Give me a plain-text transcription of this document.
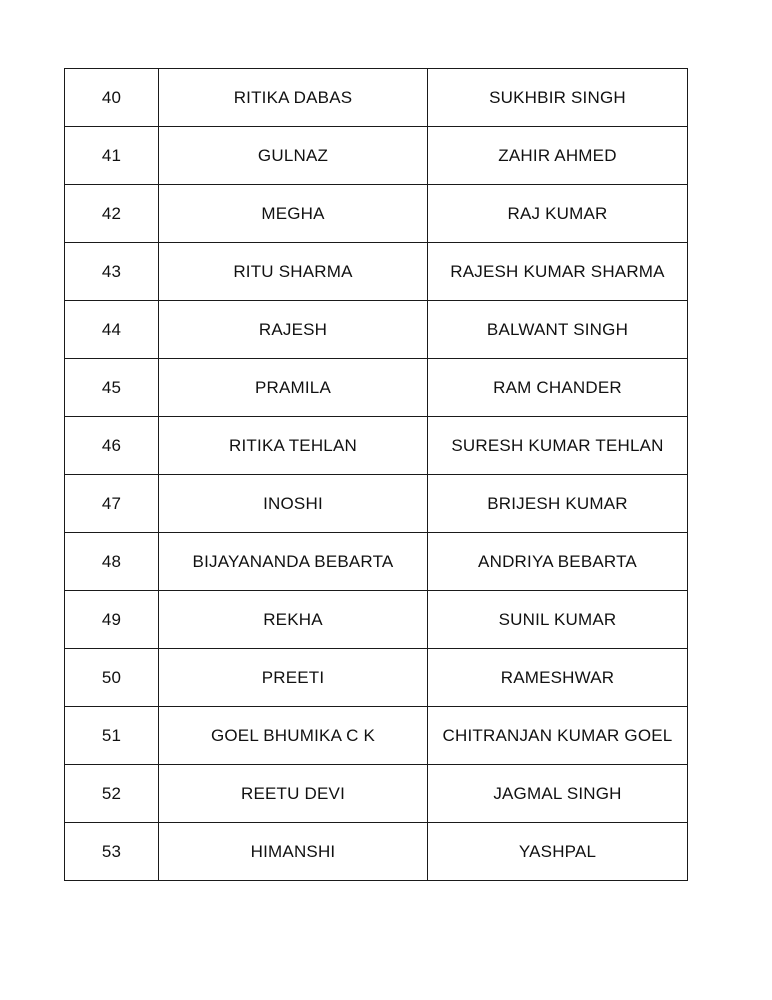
40	RITIKA DABAS	SUKHBIR SINGH
41	GULNAZ	ZAHIR AHMED
42	MEGHA	RAJ KUMAR
43	RITU SHARMA	RAJESH KUMAR SHARMA
44	RAJESH	BALWANT SINGH
45	PRAMILA	RAM CHANDER
46	RITIKA TEHLAN	SURESH KUMAR TEHLAN
47	INOSHI	BRIJESH KUMAR
48	BIJAYANANDA BEBARTA	ANDRIYA BEBARTA
49	REKHA	SUNIL KUMAR
50	PREETI	RAMESHWAR
51	GOEL BHUMIKA C K	CHITRANJAN KUMAR GOEL
52	REETU DEVI	JAGMAL SINGH
53	HIMANSHI	YASHPAL
